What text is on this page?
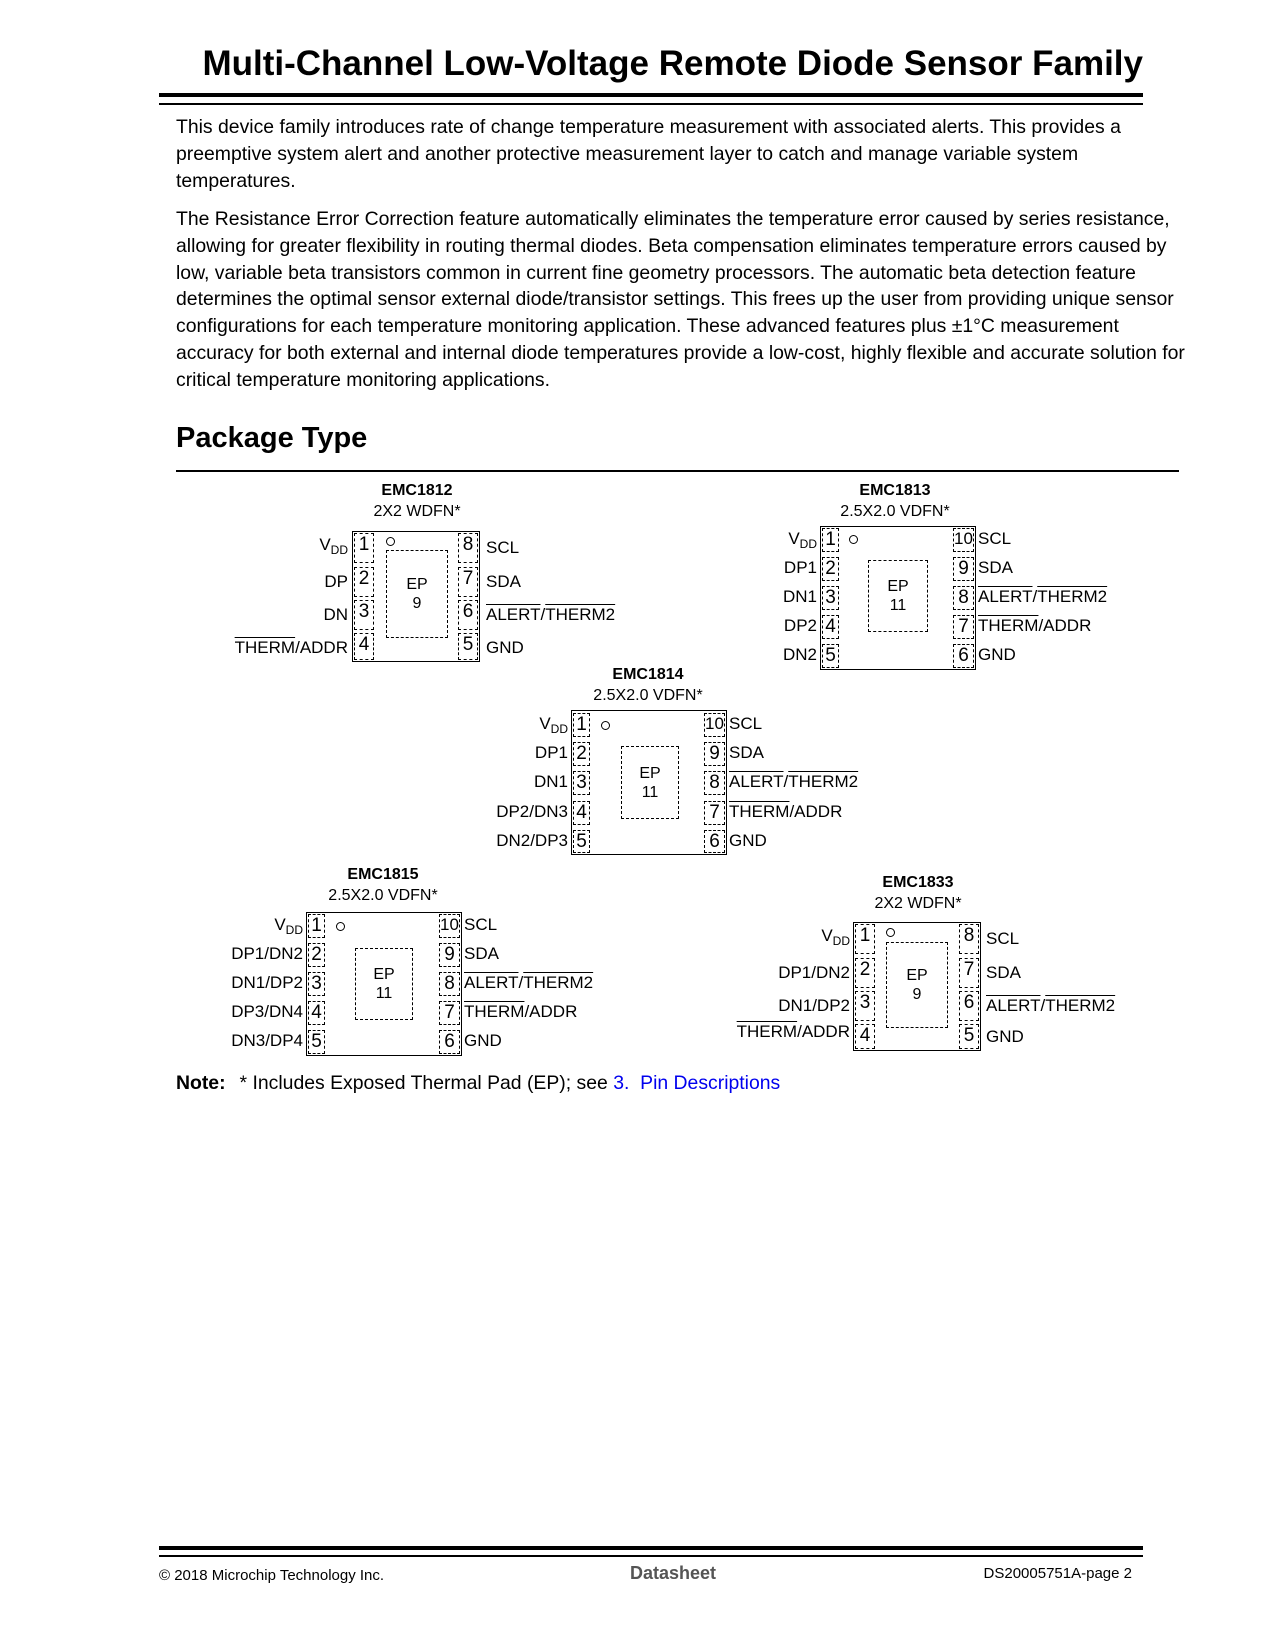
Multi-Channel Low-Voltage Remote Diode Sensor Family

This device family introduces rate of change temperature measurement with associated alerts. This provides a preemptive system alert and another protective measurement layer to catch and manage variable system temperatures.

The Resistance Error Correction feature automatically eliminates the temperature error caused by series resistance, allowing for greater flexibility in routing thermal diodes. Beta compensation eliminates temperature errors caused by low, variable beta transistors common in current fine geometry processors. The automatic beta detection feature determines the optimal sensor external diode/transistor settings. This frees up the user from providing unique sensor configurations for each temperature monitoring application. These advanced features plus ±1°C measurement accuracy for both external and internal diode temperatures provide a low-cost, highly flexible and accurate solution for critical temperature monitoring applications.

Package Type
EMC1812
2X2 WDFN*
EP
9
1
2
3
4
8
7
6
5
$V_{DD}$
DP
DN
THERM/ADDR
SCL
SDA
ALERT/THERM2
GND
EMC1813
2.5X2.0 VDFN*
EP
11
1
2
3
4
5
10
9
8
7
6
$V_{DD}$
DP1
DN1
DP2
DN2
SCL
SDA
ALERT/THERM2
THERM/ADDR
GND
EMC1814
2.5X2.0 VDFN*
EP
11
1
2
3
4
5
10
9
8
7
6
$V_{DD}$
DP1
DN1
DP2/DN3
DN2/DP3
SCL
SDA
ALERT/THERM2
THERM/ADDR
GND
EMC1815
2.5X2.0 VDFN*
EP
11
1
2
3
4
5
10
9
8
7
6
$V_{DD}$
DP1/DN2
DN1/DP2
DP3/DN4
DN3/DP4
SCL
SDA
ALERT/THERM2
THERM/ADDR
GND
EMC1833
2X2 WDFN*
EP
9
1
2
3
4
8
7
6
5
$V_{DD}$
DP1/DN2
DN1/DP2
THERM/ADDR
SCL
SDA
ALERT/THERM2
GND
Note: * Includes Exposed Thermal Pad (EP); see 3. Pin Descriptions
© 2018 Microchip Technology Inc.	Datasheet	DS20005751A-page 2
